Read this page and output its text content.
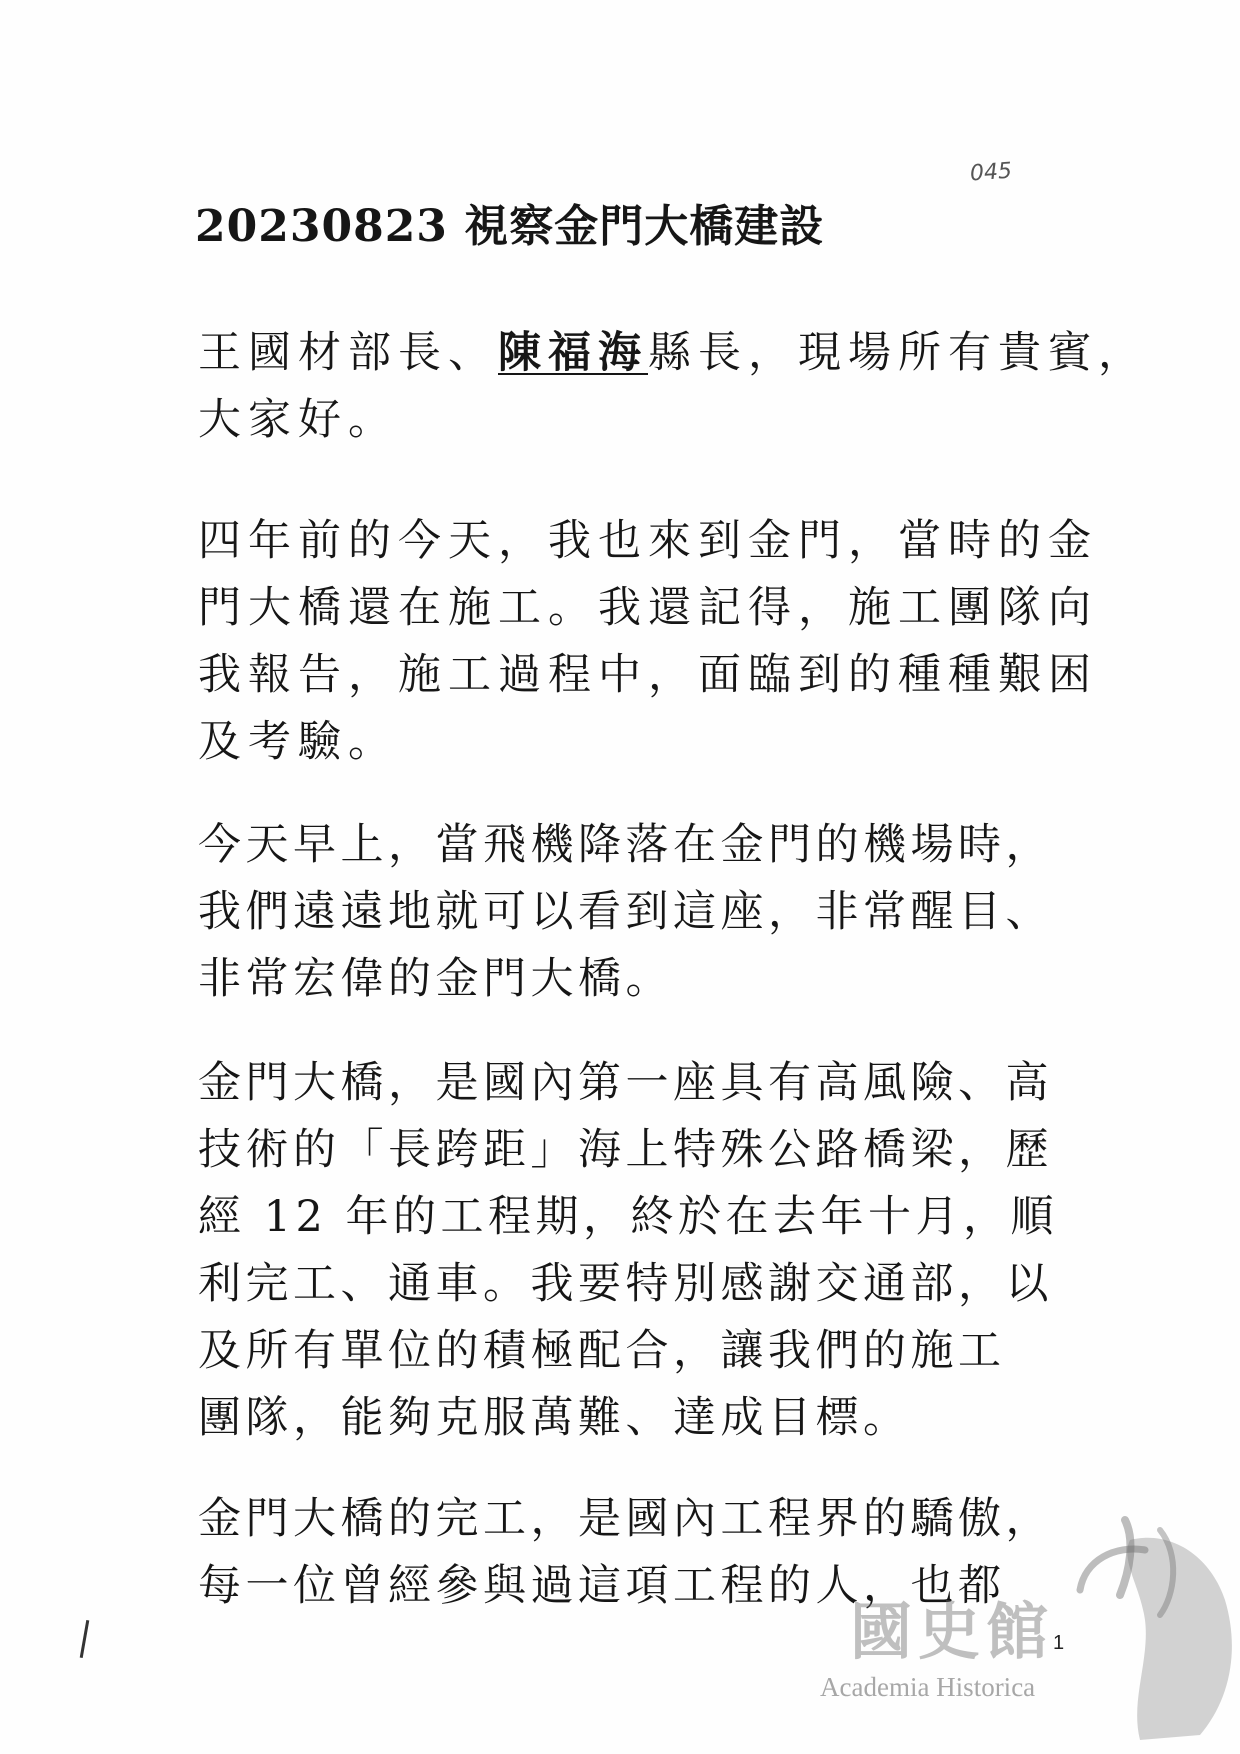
045
20230823 視察金門大橋建設
王國材部長、陳福海縣長，現場所有貴賓，
大家好。
四年前的今天，我也來到金門，當時的金
門大橋還在施工。我還記得，施工團隊向
我報告，施工過程中，面臨到的種種艱困
及考驗。
今天早上，當飛機降落在金門的機場時，
我們遠遠地就可以看到這座，非常醒目、
非常宏偉的金門大橋。
金門大橋，是國內第一座具有高風險、高
技術的「長跨距」海上特殊公路橋梁，歷
經 12 年的工程期，終於在去年十月，順
利完工、通車。我要特別感謝交通部，以
及所有單位的積極配合，讓我們的施工
團隊，能夠克服萬難、達成目標。
金門大橋的完工，是國內工程界的驕傲，
每一位曾經參與過這項工程的人，也都
國史館
Academia Historica
1
